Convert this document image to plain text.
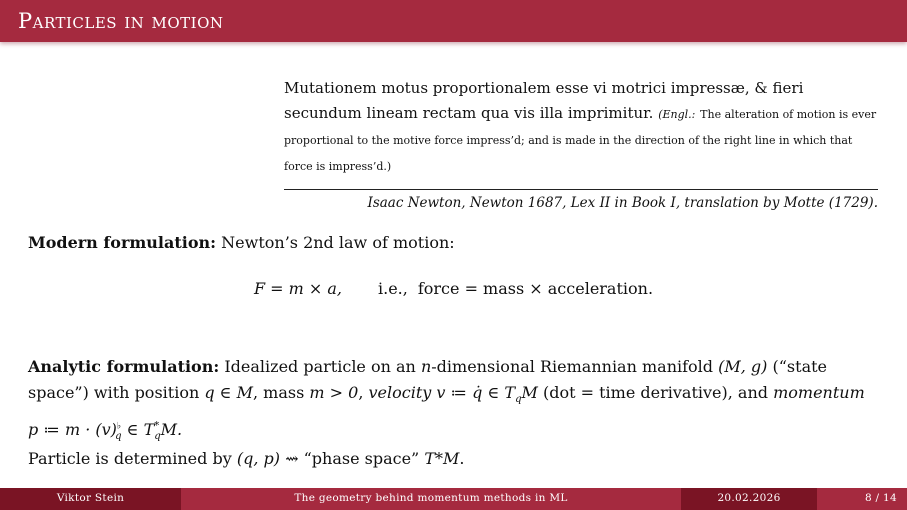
Particles in motion
Mutationem motus proportionalem esse vi motrici impressæ, & fieri secundum lineam rectam qua vis illa imprimitur. (Engl.: The alteration of motion is ever proportional to the motive force impress’d; and is made in the direction of the right line in which that force is impress’d.)
Isaac Newton, Newton 1687, Lex II in Book I, translation by Motte (1729).
Modern formulation: Newton’s 2nd law of motion:
F = m × a, i.e., force = mass × acceleration.
Analytic formulation: Idealized particle on an n-dimensional Riemannian manifold (M, g) (“state space”) with position q ∈ M, mass m > 0, velocity v ≔ q̇ ∈ $T_qM$ (dot = time derivative), and momentum p ≔ $m \cdot (v)^♭_q$ ∈ $T^*_qM$.
Particle is determined by (q, p) ⇝ “phase space” T*M.
Viktor Stein	The geometry behind momentum methods in ML	20.02.2026	8 / 14
